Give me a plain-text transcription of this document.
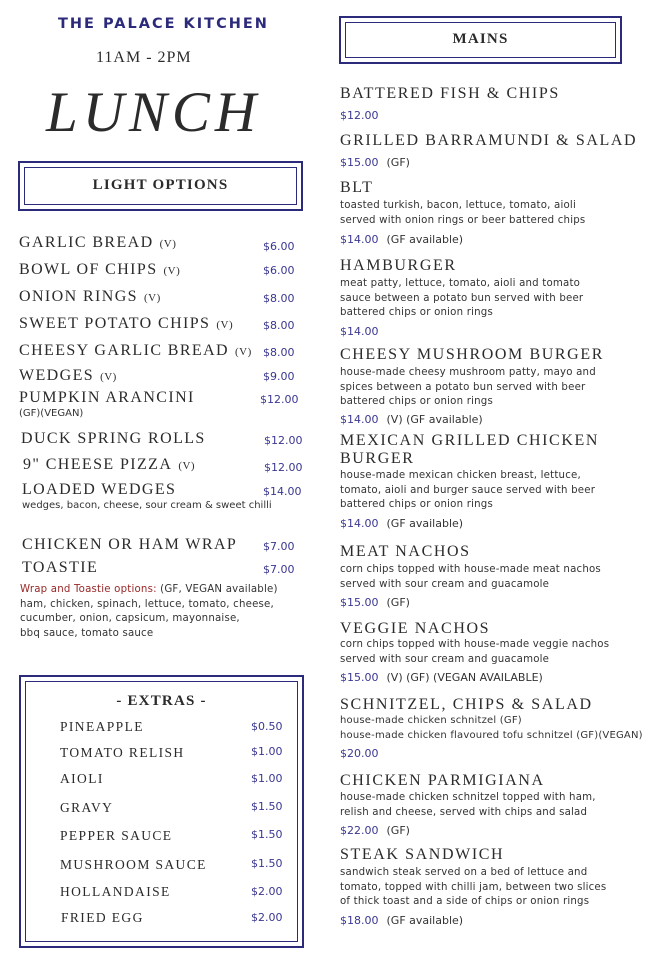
THE PALACE KITCHEN
11AM - 2PM
LUNCH
LIGHT OPTIONS
GARLIC BREAD (V)	$6.00
BOWL OF CHIPS (V)	$6.00
ONION RINGS (V)	$8.00
SWEET POTATO CHIPS (V)	$8.00
CHEESY GARLIC BREAD (V) $8.00
WEDGES (V)	$9.00
PUMPKIN ARANCINI
(GF)(VEGAN)
$12.00
DUCK SPRING ROLLS	$12.00
9" CHEESE PIZZA (V)	$12.00
LOADED WEDGES
wedges, bacon, cheese, sour cream & sweet chilli
$14.00
CHICKEN OR HAM WRAP $7.00
TOASTIE	$7.00
Wrap and Toastie options: (GF, VEGAN available)
ham, chicken, spinach, lettuce, tomato, cheese,
cucumber, onion, capsicum, mayonnaise,
bbq sauce, tomato sauce
- EXTRAS -
PINEAPPLE	$0.50
TOMATO RELISH	$1.00
AIOLI	$1.00
GRAVY	$1.50
PEPPER SAUCE	$1.50
MUSHROOM SAUCE	$1.50
HOLLANDAISE	$2.00
FRIED EGG	$2.00
MAINS
BATTERED FISH & CHIPS
$12.00
GRILLED BARRAMUNDI & SALAD
$15.00 (GF)
BLT
toasted turkish, bacon, lettuce, tomato, aioli
served with onion rings or beer battered chips
$14.00 (GF available)
HAMBURGER
meat patty, lettuce, tomato, aioli and tomato
sauce between a potato bun served with beer
battered chips or onion rings
$14.00
CHEESY MUSHROOM BURGER
house-made cheesy mushroom patty, mayo and
spices between a potato bun served with beer
battered chips or onion rings
$14.00 (V) (GF available)
MEXICAN GRILLED CHICKEN
BURGER
house-made mexican chicken breast, lettuce,
tomato, aioli and burger sauce served with beer
battered chips or onion rings
$14.00 (GF available)
MEAT NACHOS
corn chips topped with house-made meat nachos
served with sour cream and guacamole
$15.00 (GF)
VEGGIE NACHOS
corn chips topped with house-made veggie nachos
served with sour cream and guacamole
$15.00 (V) (GF) (VEGAN AVAILABLE)
SCHNITZEL, CHIPS & SALAD
house-made chicken schnitzel (GF)
house-made chicken flavoured tofu schnitzel (GF)(VEGAN)
$20.00
CHICKEN PARMIGIANA
house-made chicken schnitzel topped with ham,
relish and cheese, served with chips and salad
$22.00 (GF)
STEAK SANDWICH
sandwich steak served on a bed of lettuce and
tomato, topped with chilli jam, between two slices
of thick toast and a side of chips or onion rings
$18.00 (GF available)
